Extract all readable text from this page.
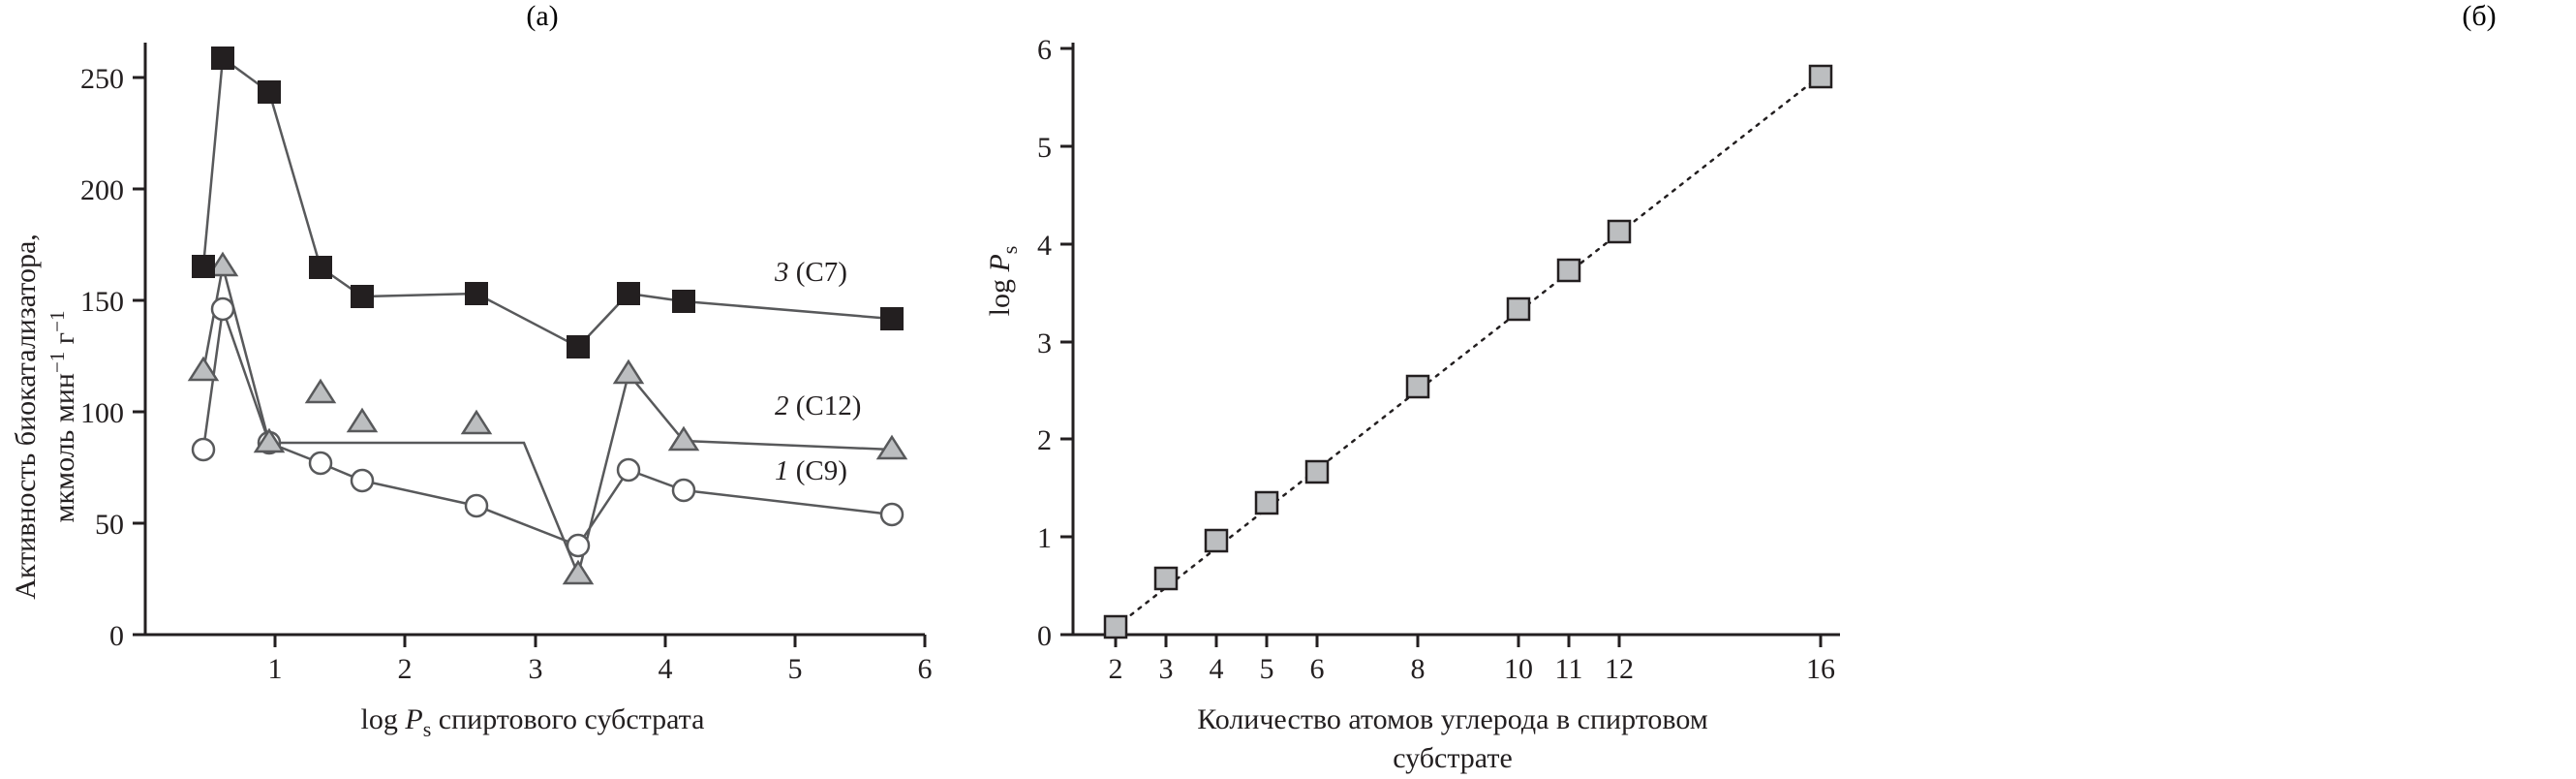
(а)
Активность биокатализатора, мкмоль мин$^{-1}$ $г^{-1}$
0
50
100
150
200
250
1	2	3	4	5	6
$\log P_s$ спиртового субстрата
3 (C7)
2 (C12)
1 (C9)
(б)
$\log P_s$
0
1
2
3
4
5
6
2 3 4 5 6	8	10 11 12	16
Количество атомов углерода в спиртовом
субстрате
